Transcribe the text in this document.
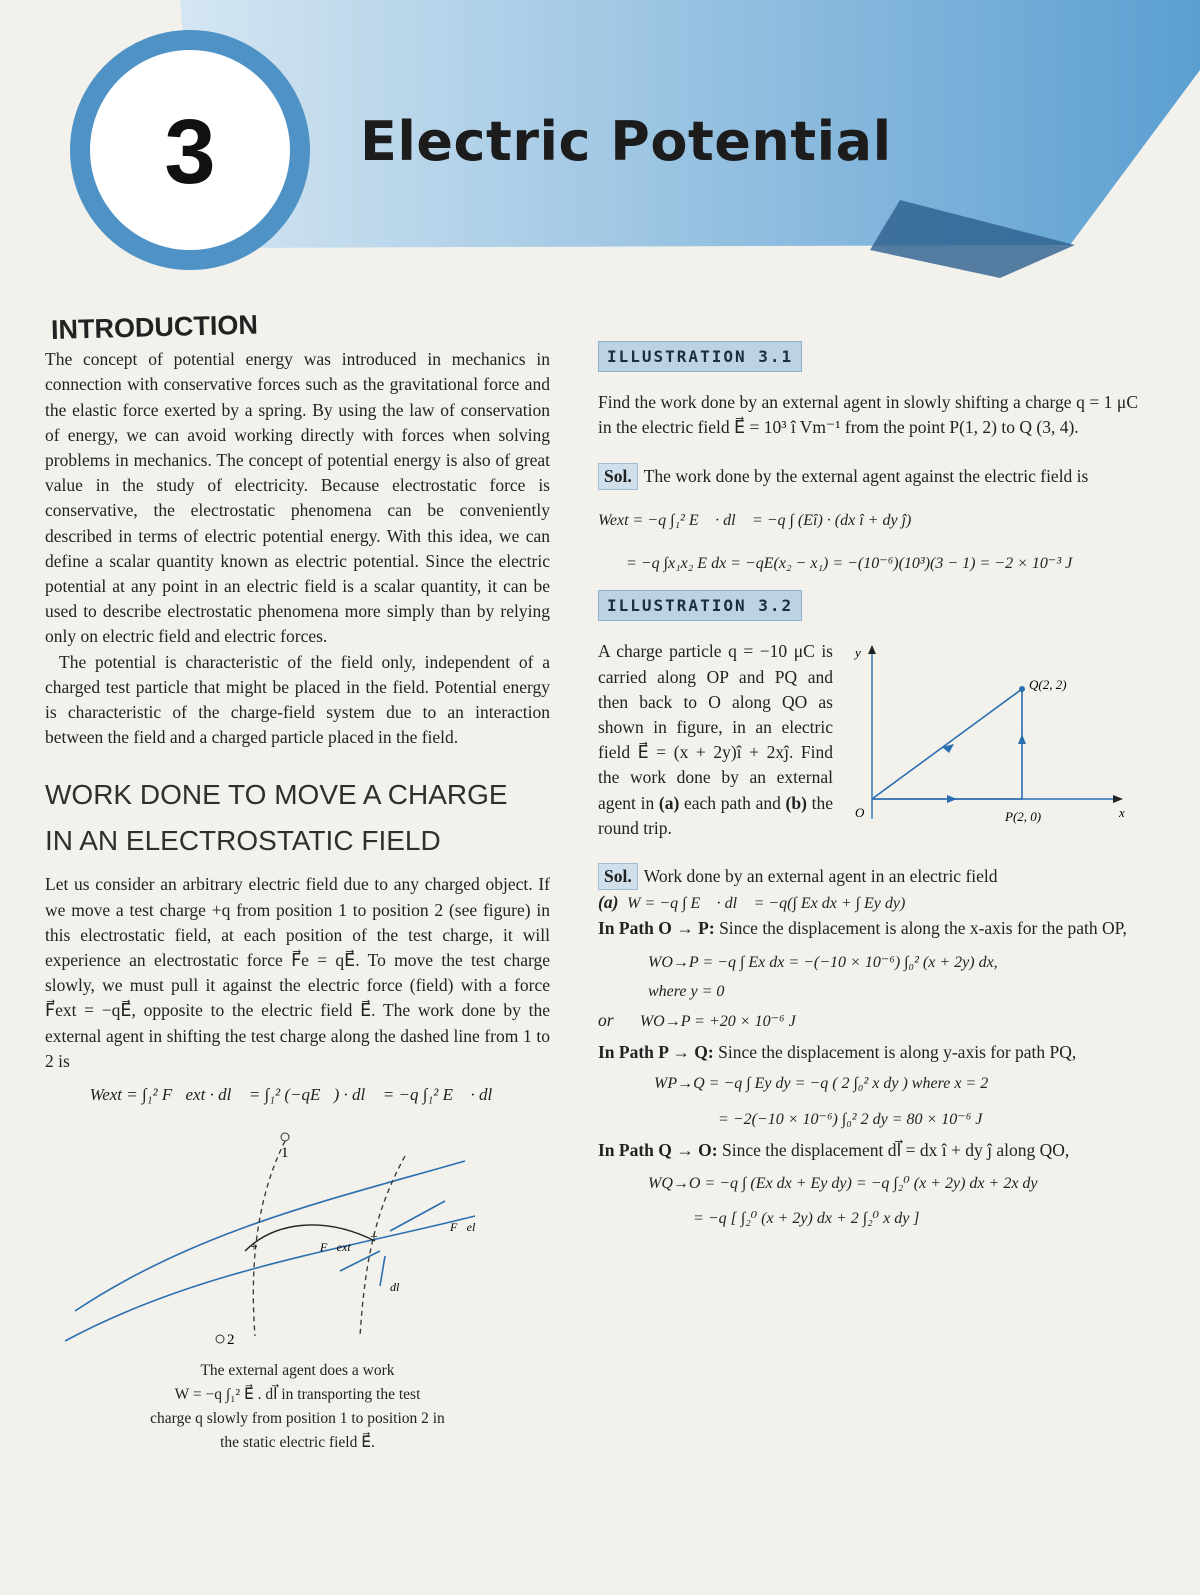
3	Electric Potential
INTRODUCTION

The concept of potential energy was introduced in mechanics in connection with conservative forces such as the gravitational force and the elastic force exerted by a spring. By using the law of conservation of energy, we can avoid working directly with forces when solving problems in mechanics. The concept of potential energy is also of great value in the study of electricity. Because electrostatic force is conservative, the electrostatic phenomena can be conveniently described in terms of electric potential energy. With this idea, we can define a scalar quantity known as electric potential. Since the electric potential at any point in an electric field is a scalar quantity, it can be used to describe electrostatic phenomena more simply than by relying only on electric field and electric forces.

The potential is characteristic of the field only, independent of a charged test particle that might be placed in the field. Potential energy is characteristic of the charge-field system due to an interaction between the field and a charged particle placed in the field.

WORK DONE TO MOVE A CHARGE
IN AN ELECTROSTATIC FIELD

Let us consider an arbitrary electric field due to any charged object. If we move a test charge +q from position 1 to position 2 (see figure) in this electrostatic field, at each position of the test charge, it will experience an electrostatic force F⃗e = qE⃗. To move the test charge slowly, we must pull it against the electric force (field) with a force F⃗ext = −qE⃗, opposite to the electric field E⃗. The work done by the external agent in shifting the test charge along the dashed line from 1 to 2 is

Wext = ∫₁² F⃗ext · dl⃗ = ∫₁² (−qE⃗) · dl⃗ = −q ∫₁² E⃗ · dl⃗
1
2
F⃗ext
F⃗el
dl⃗
+
+
The external agent does a work
W = −q ∫₁² E⃗ . dl⃗ in transporting the test
charge q slowly from position 1 to position 2 in
the static electric field E⃗.
ILLUSTRATION 3.1

Find the work done by an external agent in slowly shifting a charge q = 1 μC in the electric field E⃗ = 10³ î Vm⁻¹ from the point P(1, 2) to Q (3, 4).

Sol. The work done by the external agent against the electric field is

Wext = −q ∫₁² E⃗ · dl⃗ = −q ∫ (Eî) · (dx î + dy ĵ)
= −q ∫x₁x₂ E dx = −qE(x₂ − x₁) = −(10⁻⁶)(10³)(3 − 1) = −2 × 10⁻³ J
ILLUSTRATION 3.2

A charge particle q = −10 μC is carried along OP and PQ and then back to O along QO as shown in figure, in an electric field E⃗ = (x + 2y)î + 2xĵ. Find the work done by an external agent in (a) each path and (b) the round trip.

y
x
O
Q(2, 2)
P(2, 0)

Sol. Work done by an external agent in an electric field

(a) W = −q ∫ E⃗ · dl⃗ = −q(∫ Ex dx + ∫ Ey dy)

In Path O → P: Since the displacement is along the x-axis for the path OP,

WO→P = −q ∫ Ex dx = −(−10 × 10⁻⁶) ∫₀² (x + 2y) dx,
where y = 0
or WO→P = +20 × 10⁻⁶ J

In Path P → Q: Since the displacement is along y-axis for path PQ,

WP→Q = −q ∫ Ey dy = −q ( 2 ∫₀² x dy ) where x = 2
= −2(−10 × 10⁻⁶) ∫₀² 2 dy = 80 × 10⁻⁶ J

In Path Q → O: Since the displacement dl⃗ = dx î + dy ĵ along QO,

WQ→O = −q ∫ (Ex dx + Ey dy) = −q ∫₂⁰ (x + 2y) dx + 2x dy
= −q [ ∫₂⁰ (x + 2y) dx + 2 ∫₂⁰ x dy ]
